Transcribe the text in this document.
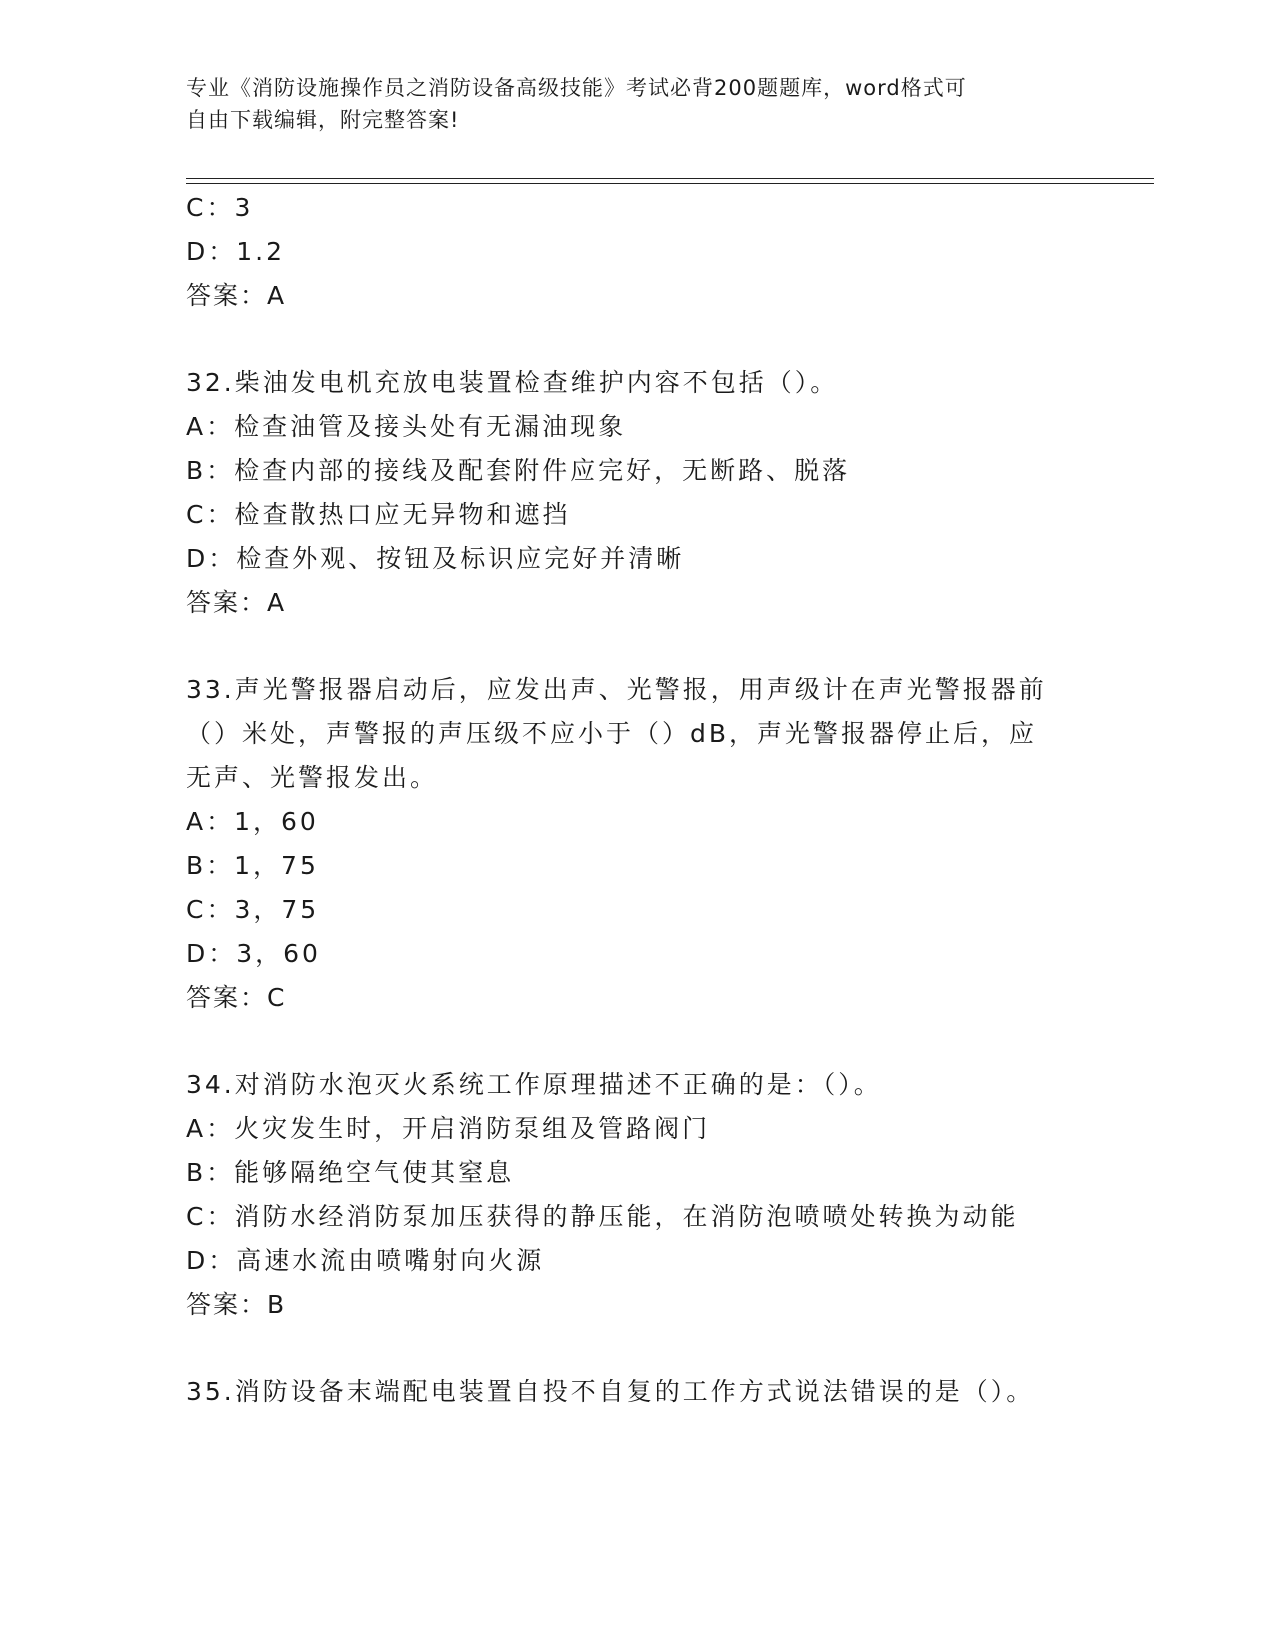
专业《消防设施操作员之消防设备高级技能》考试必背200题题库，word格式可
自由下载编辑，附完整答案!
C：3
D：1.2
答案：A
32.柴油发电机充放电装置检查维护内容不包括（）。
A：检查油管及接头处有无漏油现象
B：检查内部的接线及配套附件应完好，无断路、脱落
C：检查散热口应无异物和遮挡
D：检查外观、按钮及标识应完好并清晰
答案：A
33.声光警报器启动后，应发出声、光警报，用声级计在声光警报器前
（）米处，声警报的声压级不应小于（）dB，声光警报器停止后，应
无声、光警报发出。
A：1，60
B：1，75
C：3，75
D：3，60
答案：C
34.对消防水泡灭火系统工作原理描述不正确的是：（）。
A：火灾发生时，开启消防泵组及管路阀门
B：能够隔绝空气使其窒息
C：消防水经消防泵加压获得的静压能，在消防泡喷喷处转换为动能
D：高速水流由喷嘴射向火源
答案：B
35.消防设备末端配电装置自投不自复的工作方式说法错误的是（）。
